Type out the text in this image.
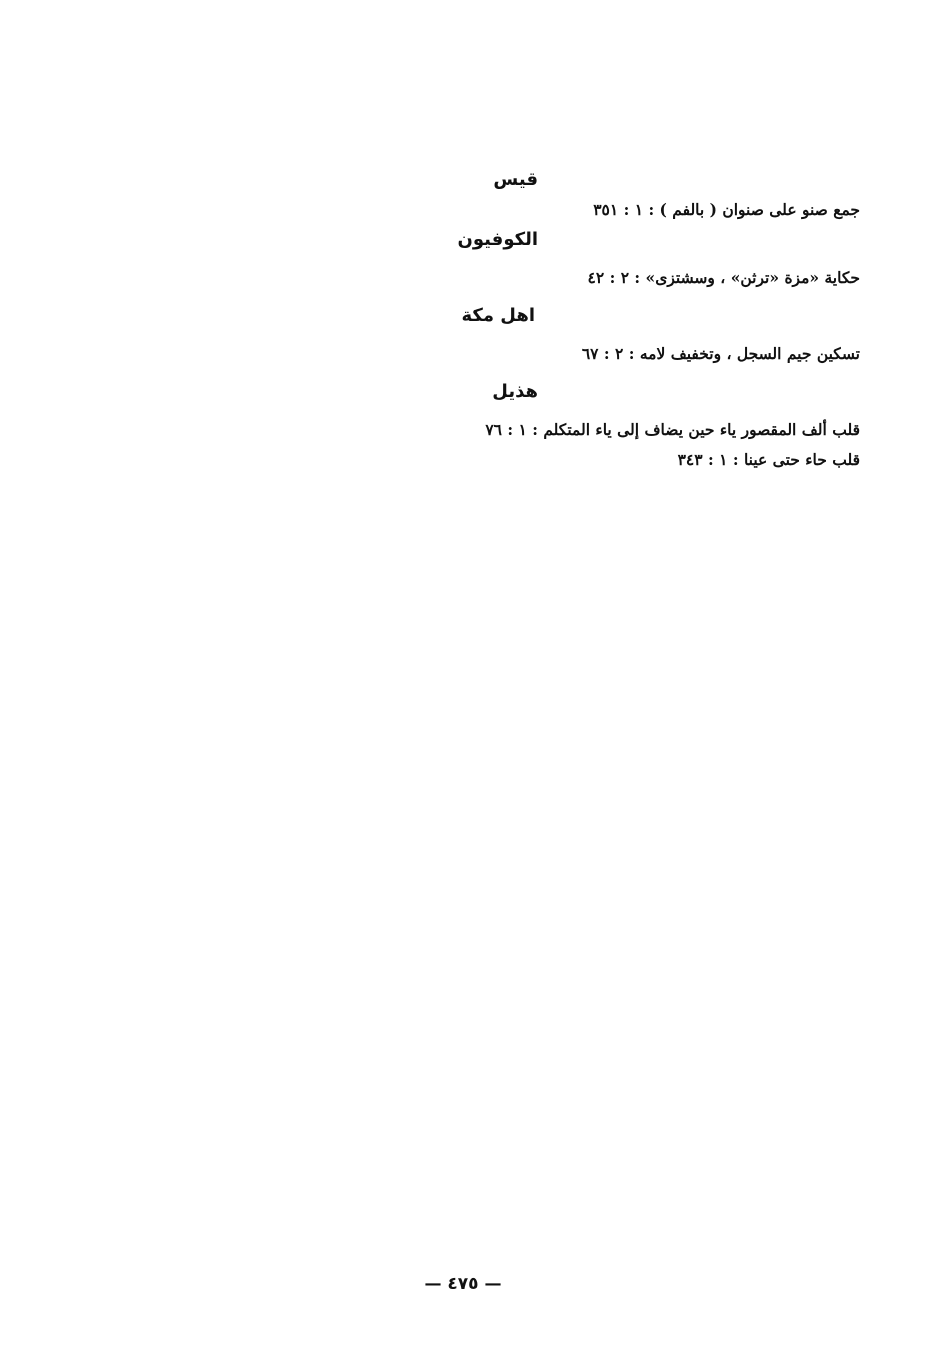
قيس
جمع صنو على صنوان ( بالفم ) : ١ : ٣٥١
الكوفيون
حكاية «مزة «ترثن» ، وسشتزى» : ٢ : ٤٢
اهل مكة
تسكين جيم السجل ، وتخفيف لامه : ٢ : ٦٧
هذيل
قلب ألف المقصور ياء حين يضاف إلى ياء المتكلم : ١ : ٧٦
قلب حاء حتى عينا : ١ : ٣٤٣
— ٤٧٥ —
